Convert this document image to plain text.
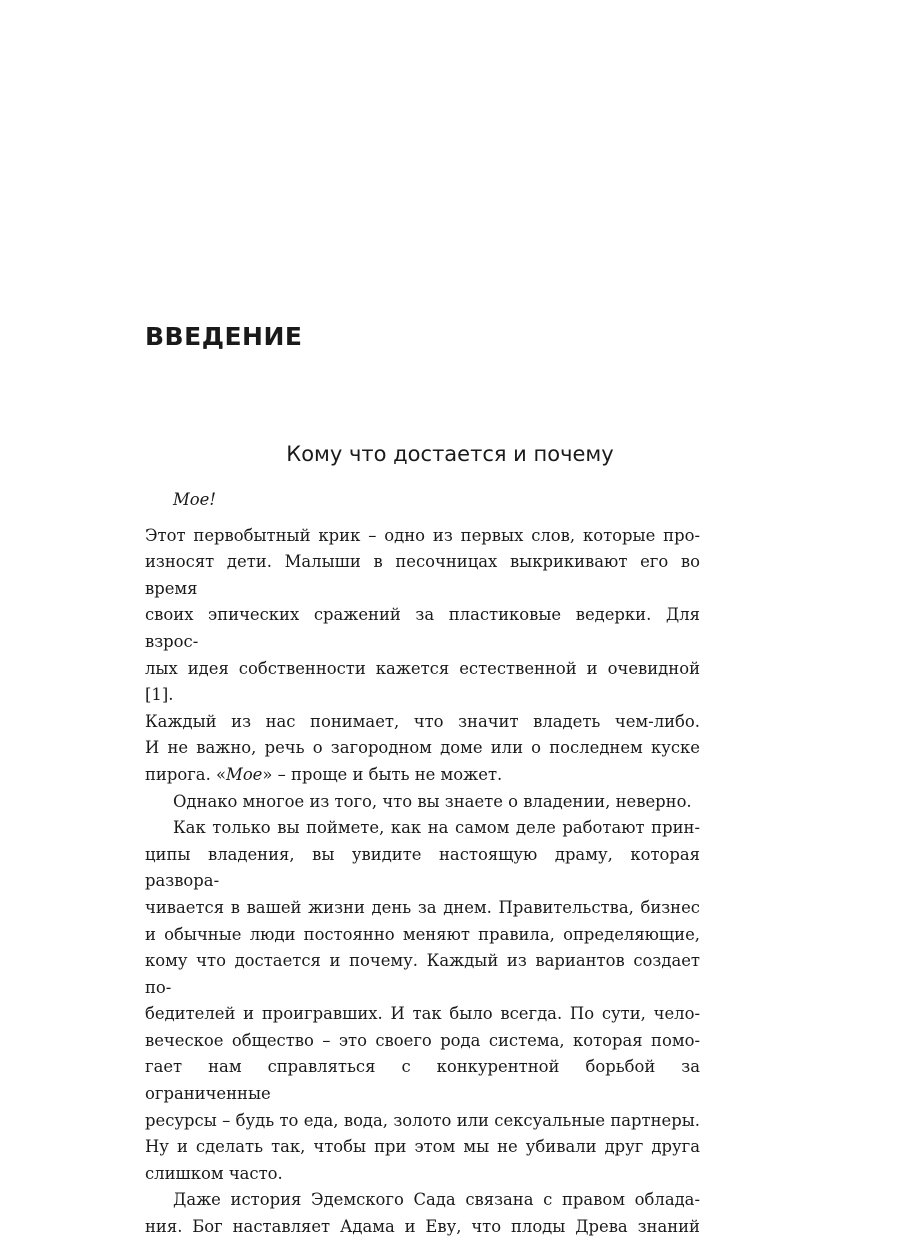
ВВЕДЕНИЕ
Кому что достается и почему

Мое!

Этот первобытный крик – одно из первых слов, которые про-
износят дети. Малыши в песочницах выкрикивают его во время
своих эпических сражений за пластиковые ведерки. Для взрос-
лых идея собственности кажется естественной и очевидной [1].
Каждый из нас понимает, что значит владеть чем-либо.
И не важно, речь о загородном доме или о последнем куске
пирога. «Мое» – проще и быть не может.

Однако многое из того, что вы знаете о владении, неверно.

Как только вы поймете, как на самом деле работают прин-
ципы владения, вы увидите настоящую драму, которая развора-
чивается в вашей жизни день за днем. Правительства, бизнес
и обычные люди постоянно меняют правила, определяющие,
кому что достается и почему. Каждый из вариантов создает по-
бедителей и проигравших. И так было всегда. По сути, чело-
веческое общество – это своего рода система, которая помо-
гает нам справляться с конкурентной борьбой за ограниченные
ресурсы – будь то еда, вода, золото или сексуальные партнеры.
Ну и сделать так, чтобы при этом мы не убивали друг друга
слишком часто.

Даже история Эдемского Сада связана с правом облада-
ния. Бог наставляет Адама и Еву, что плоды Древа знаний
